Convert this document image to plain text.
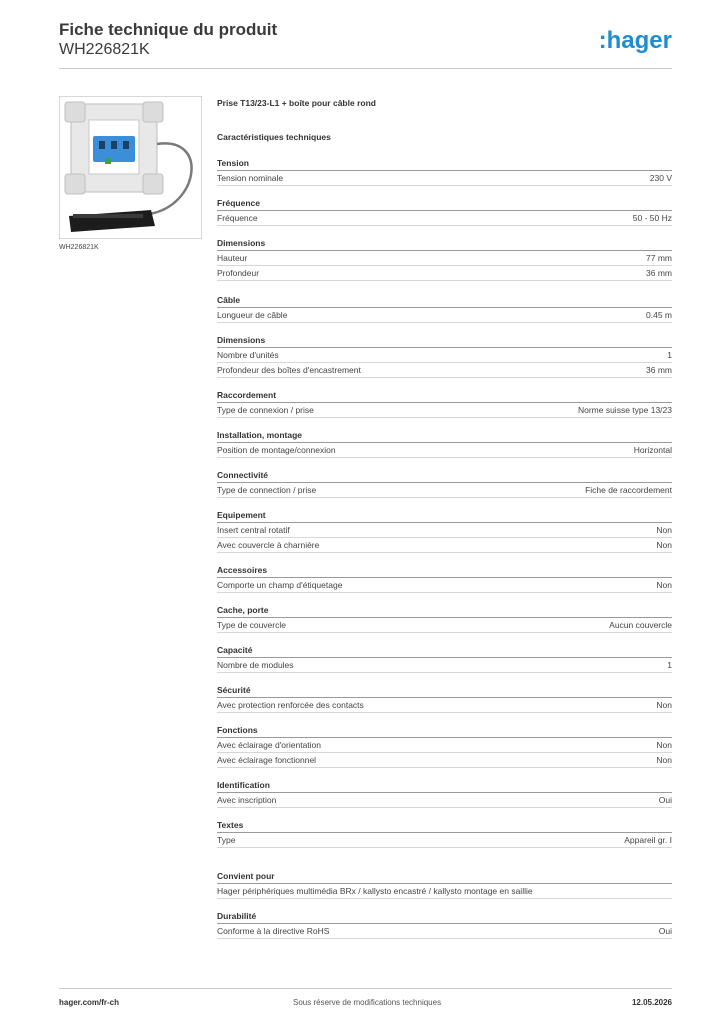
Fiche technique du produit
WH226821K	:hager
WH226821K
Prise T13/23-L1 + boîte pour câble rond
Caractéristiques techniques
Tension
Tension nominale	230 V
Fréquence
Fréquence	50 - 50 Hz
Dimensions
Hauteur	77 mm
Profondeur	36 mm
Câble
Longueur de câble	0.45 m
Dimensions
Nombre d'unités	1
Profondeur des boîtes d'encastrement	36 mm
Raccordement
Type de connexion / prise	Norme suisse type 13/23
Installation, montage
Position de montage/connexion	Horizontal
Connectivité
Type de connection / prise	Fiche de raccordement
Equipement
Insert central rotatif	Non
Avec couvercle à charnière	Non
Accessoires
Comporte un champ d'étiquetage	Non
Cache, porte
Type de couvercle	Aucun couvercle
Capacité
Nombre de modules	1
Sécurité
Avec protection renforcée des contacts	Non
Fonctions
Avec éclairage d'orientation	Non
Avec éclairage fonctionnel	Non
Identification
Avec inscription	Oui
Textes
Type	Appareil gr. I
Convient pour
Hager périphériques multimédia BRx / kallysto encastré / kallysto montage en saillie
Durabilité
Conforme à la directive RoHS	Oui
hager.com/fr-ch	Sous réserve de modifications techniques	12.05.2026
